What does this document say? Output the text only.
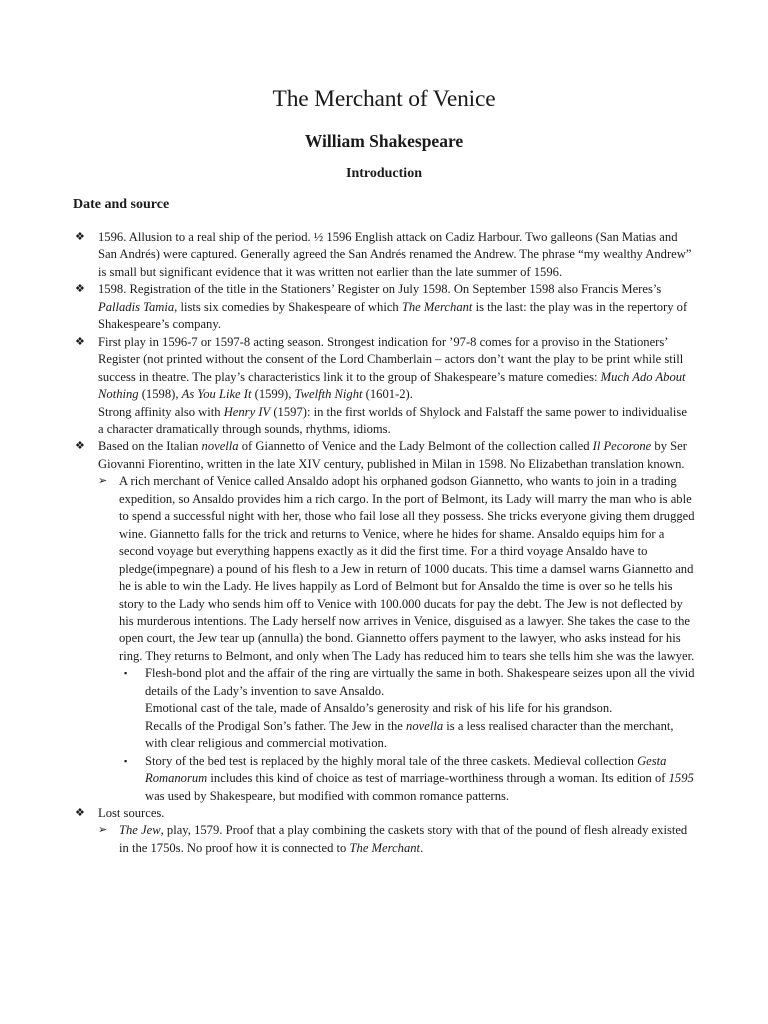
The Merchant of Venice
William Shakespeare
Introduction
Date and source
❖ 1596. Allusion to a real ship of the period. ½ 1596 English attack on Cadiz Harbour. Two galleons (San Matias and San Andrés) were captured. Generally agreed the San Andrés renamed the Andrew. The phrase “my wealthy Andrew” is small but significant evidence that it was written not earlier than the late summer of 1596.
❖ 1598. Registration of the title in the Stationers’ Register on July 1598. On September 1598 also Francis Meres’s Palladis Tamia, lists six comedies by Shakespeare of which The Merchant is the last: the play was in the repertory of Shakespeare’s company.
❖ First play in 1596-7 or 1597-8 acting season. Strongest indication for ’97-8 comes for a proviso in the Stationers’ Register (not printed without the consent of the Lord Chamberlain – actors don’t want the play to be print while still success in theatre. The play’s characteristics link it to the group of Shakespeare’s mature comedies: Much Ado About Nothing (1598), As You Like It (1599), Twelfth Night (1601-2).
Strong affinity also with Henry IV (1597): in the first worlds of Shylock and Falstaff the same power to individualise a character dramatically through sounds, rhythms, idioms.
❖ Based on the Italian novella of Giannetto of Venice and the Lady Belmont of the collection called Il Pecorone by Ser Giovanni Fiorentino, written in the late XIV century, published in Milan in 1598. No Elizabethan translation known.
➢ A rich merchant of Venice called Ansaldo adopt his orphaned godson Giannetto, who wants to join in a trading expedition, so Ansaldo provides him a rich cargo. In the port of Belmont, its Lady will marry the man who is able to spend a successful night with her, those who fail lose all they possess. She tricks everyone giving them drugged wine. Giannetto falls for the trick and returns to Venice, where he hides for shame. Ansaldo equips him for a second voyage but everything happens exactly as it did the first time. For a third voyage Ansaldo have to pledge(impegnare) a pound of his flesh to a Jew in return of 1000 ducats. This time a damsel warns Giannetto and he is able to win the Lady. He lives happily as Lord of Belmont but for Ansaldo the time is over so he tells his story to the Lady who sends him off to Venice with 100.000 ducats for pay the debt. The Jew is not deflected by his murderous intentions. The Lady herself now arrives in Venice, disguised as a lawyer. She takes the case to the open court, the Jew tear up (annulla) the bond. Giannetto offers payment to the lawyer, who asks instead for his ring. They returns to Belmont, and only when The Lady has reduced him to tears she tells him she was the lawyer.
▪ Flesh-bond plot and the affair of the ring are virtually the same in both. Shakespeare seizes upon all the vivid details of the Lady’s invention to save Ansaldo.
Emotional cast of the tale, made of Ansaldo’s generosity and risk of his life for his grandson.
Recalls of the Prodigal Son’s father. The Jew in the novella is a less realised character than the merchant, with clear religious and commercial motivation.
▪ Story of the bed test is replaced by the highly moral tale of the three caskets. Medieval collection Gesta Romanorum includes this kind of choice as test of marriage-worthiness through a woman. Its edition of 1595 was used by Shakespeare, but modified with common romance patterns.
❖ Lost sources.
➢ The Jew, play, 1579. Proof that a play combining the caskets story with that of the pound of flesh already existed in the 1750s. No proof how it is connected to The Merchant.
